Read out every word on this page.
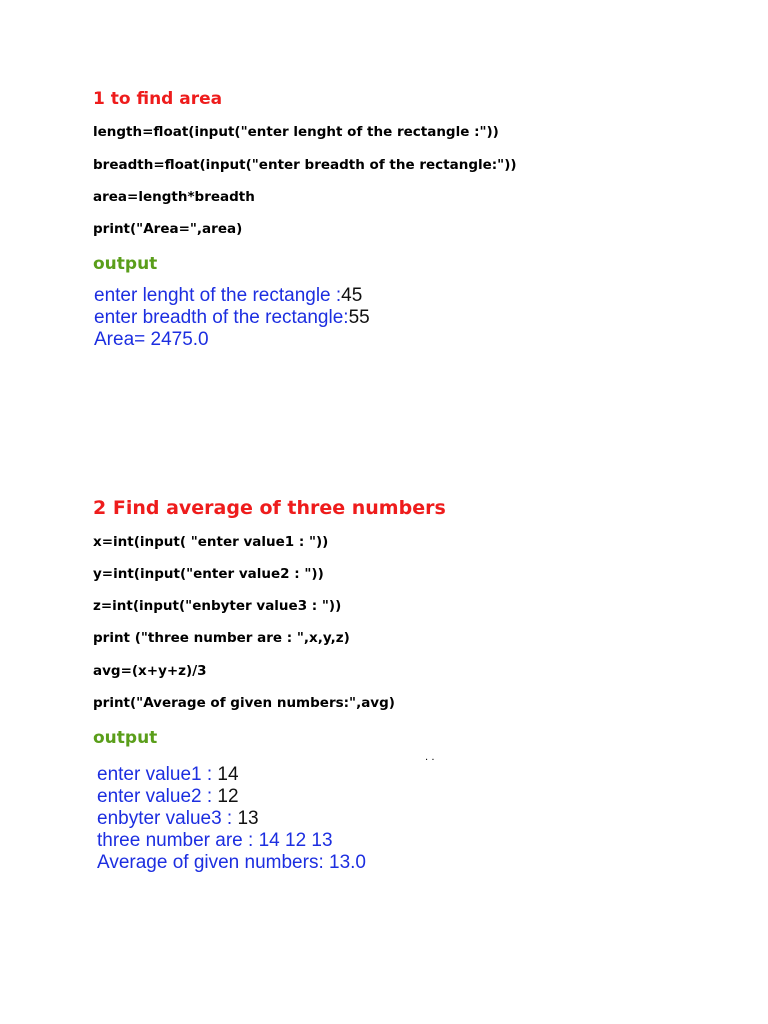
1 to find area
length=float(input("enter lenght of the rectangle :"))
breadth=float(input("enter breadth of the rectangle:"))
area=length*breadth
print("Area=",area)
output
enter lenght of the rectangle :45
enter breadth of the rectangle:55
Area= 2475.0
2 Find average of three numbers
x=int(input( "enter value1 : "))
y=int(input("enter value2 : "))
z=int(input("enbyter value3 : "))
print ("three number are : ",x,y,z)
avg=(x+y+z)/3
print("Average of given numbers:",avg)
output
. .
enter value1 : 14
enter value2 : 12
enbyter value3 : 13
three number are : 14 12 13
Average of given numbers: 13.0
